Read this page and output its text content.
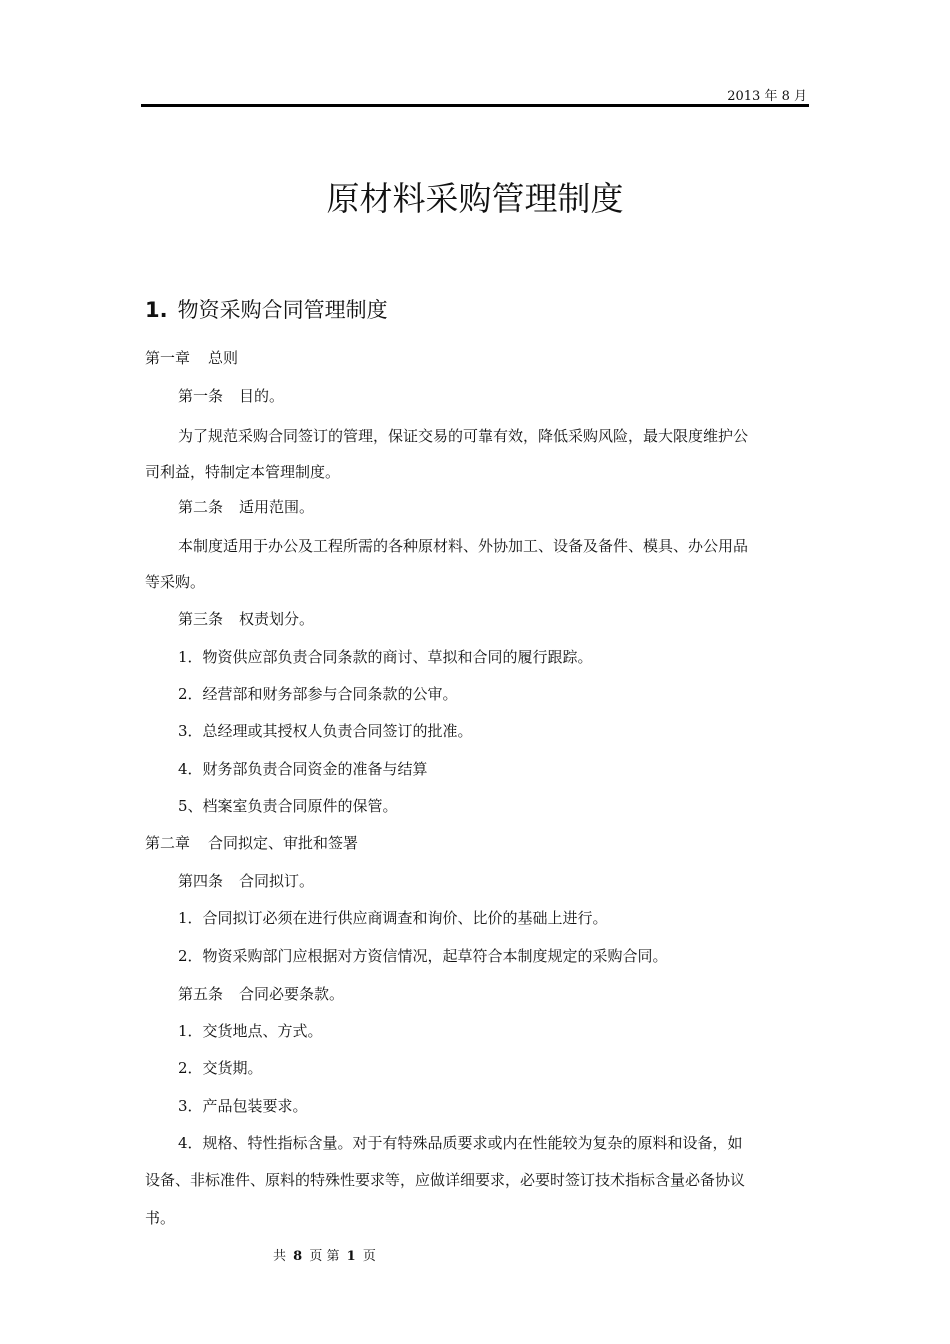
2013 年 8 月
原材料采购管理制度
1. 物资采购合同管理制度
第一章 总则
第一条 目的。
为了规范采购合同签订的管理，保证交易的可靠有效，降低采购风险，最大限度维护公
司利益，特制定本管理制度。
第二条 适用范围。
本制度适用于办公及工程所需的各种原材料、外协加工、设备及备件、模具、办公用品
等采购。
第三条 权责划分。
1．物资供应部负责合同条款的商讨、草拟和合同的履行跟踪。
2．经营部和财务部参与合同条款的公审。
3．总经理或其授权人负责合同签订的批准。
4．财务部负责合同资金的准备与结算
5、档案室负责合同原件的保管。
第二章 合同拟定、审批和签署
第四条 合同拟订。
1．合同拟订必须在进行供应商调查和询价、比价的基础上进行。
2．物资采购部门应根据对方资信情况，起草符合本制度规定的采购合同。
第五条 合同必要条款。
1．交货地点、方式。
2．交货期。
3．产品包装要求。
4．规格、特性指标含量。对于有特殊品质要求或内在性能较为复杂的原料和设备，如
设备、非标准件、原料的特殊性要求等，应做详细要求，必要时签订技术指标含量必备协议
书。
共 8 页 第 1 页
